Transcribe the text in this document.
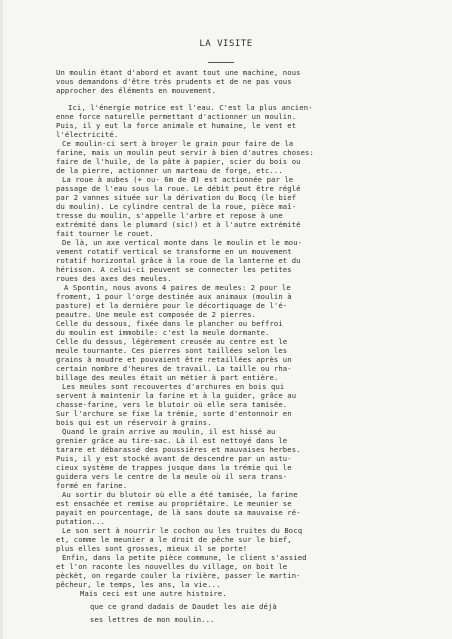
LA VISITE
Un moulin étant d'abord et avant tout une machine, nous
vous demandons d'être très prudents et de ne pas vous
approcher des éléments en mouvement.
Ici, l'énergie motrice est l'eau. C'est la plus ancien-
enne force naturelle permettant d'actionner un moulin.
Puis, il y eut la force animale et humaine, le vent et
l'électricité.
Ce moulin-ci sert à broyer le grain pour faire de la
farine, mais un moulin peut servir à bien d'autres choses:
faire de l'huile, de la pâte à papier, scier du bois ou
de la pierre, actionner un marteau de forge, etc...
La roue à aubes (+ ou- 6m de Ø) est actionnée par le
passage de l'eau sous la roue. Le débit peut être réglé
par 2 vannes située sur la dérivation du Bocq (le bief
du moulin). Le cylindre central de la roue, pièce maî-
tresse du moulin, s'appelle l'arbre et repose à une
extrémité dans le plumard (sic!) et à l'autre extrémité
fait tourner le rouet.
De là, un axe vertical monte dans le moulin et le mou-
vement rotatif vertical se transforme en un mouvement
rotatif horizontal grâce à la roue de la lanterne et du
hérisson. A celui-ci peuvent se connecter les petites
roues des axes des meules.
A Spontin, nous avons 4 paires de meules: 2 pour le
froment, 1 pour l'orge destinée aux animaux (moulin à
pasture) et la dernière pour le décortiquage de l'é-
peautre. Une meule est composée de 2 pierres.
Celle du dessous, fixée dans le plancher ou beffroi
du moulin est immobile: c'est la meule dormante.
Celle du dessus, légèrement creusée au centre est le
meule tournante. Ces pierres sont taillées selon les
grains à moudre et pouvaient être retaillées après un
certain nombre d'heures de travail. La taille ou rha-
billage des meules était un métier à part entière.
Les meules sont recouvertes d'archures en bois qui
servent à maintenir la farine et à la guider, grâce au
chasse-farine, vers le blutoir où elle sera tamisée.
Sur l'archure se fixe la trémie, sorte d'entonnoir en
bois qui est un réservoir à grains.
Quand le grain arrive au moulin, il est hissé au
grenier grâce au tire-sac. Là il est nettoyé dans le
tarare et débarassé des poussières et mauvaises herbes.
Puis, il y est stocké avant de descendre par un astu-
cieux système de trappes jusque dans la trémie qui le
guidera vers le centre de la meule où il sera trans-
formé en farine.
Au sortir du blutoir où elle a été tamisée, la farine
est ensachée et remise au propriétaire. Le meunier se
payait en pourcentage, de là sans doute sa mauvaise ré-
putation...
Le son sert à nourrir le cochon ou les truites du Bocq
et, comme le meunier a le droit de pêche sur le bief,
plus elles sont grosses, mieux il se porte!
Enfin, dans la petite pièce commune, le client s'assied
et l'on raconte les nouvelles du village, on boit le
pèckèt, on regarde couler la rivière, passer le martin-
pêcheur, le temps, les ans, la vie...
Mais ceci est une autre histoire.
que ce grand dadais de Daudet les aie déjà
ses lettres de mon moulin...
